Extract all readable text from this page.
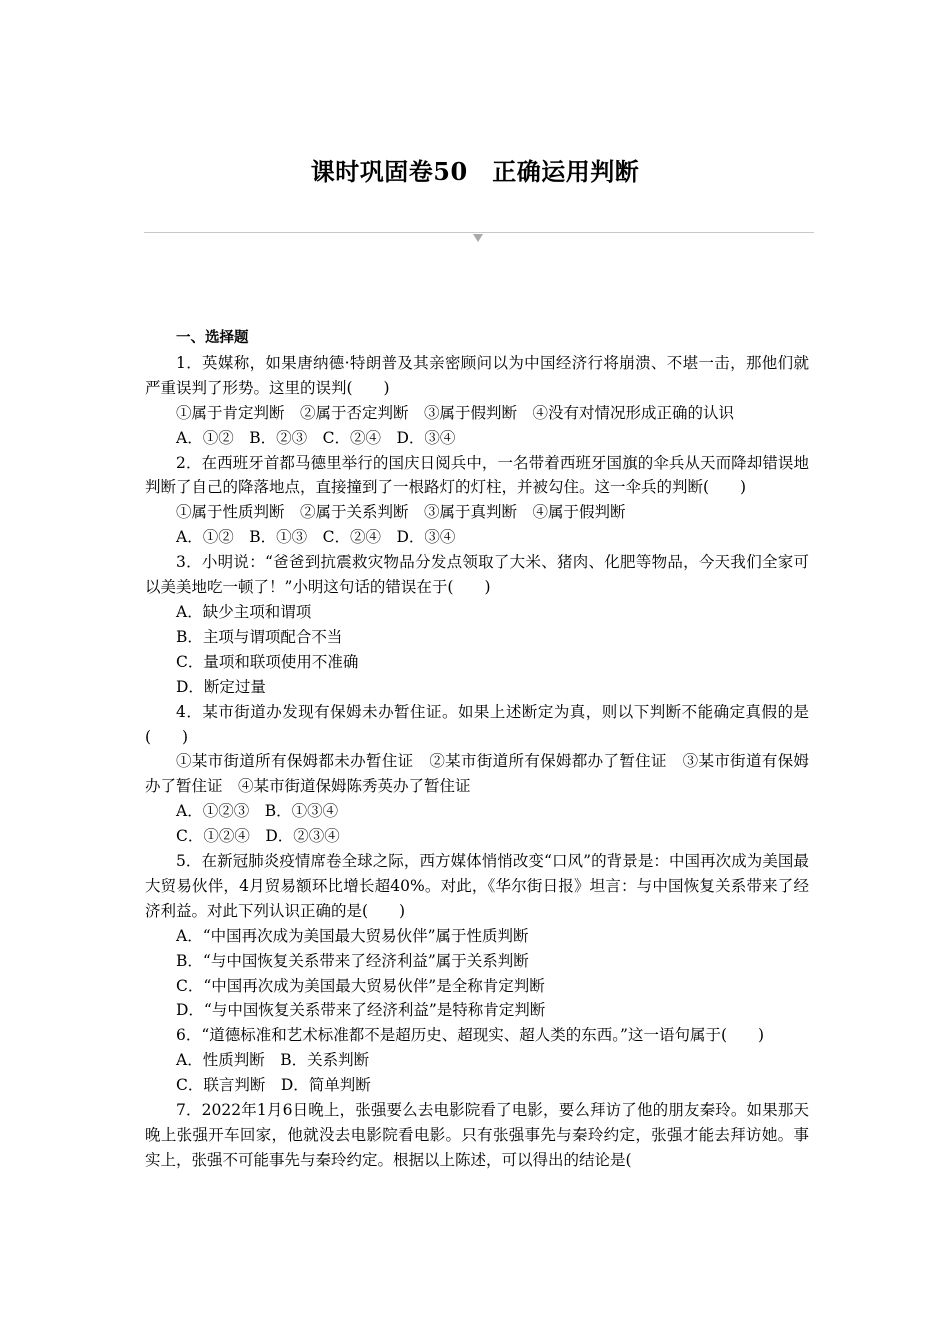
课时巩固卷50　正确运用判断

一、选择题

1．英媒称，如果唐纳德·特朗普及其亲密顾问以为中国经济行将崩溃、不堪一击，那他们就严重误判了形势。这里的误判(　　)

①属于肯定判断　②属于否定判断　③属于假判断　④没有对情况形成正确的认识

A．①②　B．②③　C．②④　D．③④

2．在西班牙首都马德里举行的国庆日阅兵中，一名带着西班牙国旗的伞兵从天而降却错误地判断了自己的降落地点，直接撞到了一根路灯的灯柱，并被勾住。这一伞兵的判断(　　)

①属于性质判断　②属于关系判断　③属于真判断　④属于假判断

A．①②　B．①③　C．②④　D．③④

3．小明说：“爸爸到抗震救灾物品分发点领取了大米、猪肉、化肥等物品，今天我们全家可以美美地吃一顿了！”小明这句话的错误在于(　　)

A．缺少主项和谓项

B．主项与谓项配合不当

C．量项和联项使用不准确

D．断定过量

4．某市街道办发现有保姆未办暂住证。如果上述断定为真，则以下判断不能确定真假的是(　　)

①某市街道所有保姆都未办暂住证　②某市街道所有保姆都办了暂住证　③某市街道有保姆办了暂住证　④某市街道保姆陈秀英办了暂住证

A．①②③　B．①③④

C．①②④　D．②③④

5．在新冠肺炎疫情席卷全球之际，西方媒体悄悄改变“口风”的背景是：中国再次成为美国最大贸易伙伴，4月贸易额环比增长超40%。对此，《华尔街日报》坦言：与中国恢复关系带来了经济利益。对此下列认识正确的是(　　)

A．“中国再次成为美国最大贸易伙伴”属于性质判断

B．“与中国恢复关系带来了经济利益”属于关系判断

C．“中国再次成为美国最大贸易伙伴”是全称肯定判断

D．“与中国恢复关系带来了经济利益”是特称肯定判断

6．“道德标准和艺术标准都不是超历史、超现实、超人类的东西。”这一语句属于(　　)

A．性质判断　B．关系判断

C．联言判断　D．简单判断

7．2022年1月6日晚上，张强要么去电影院看了电影，要么拜访了他的朋友秦玲。如果那天晚上张强开车回家，他就没去电影院看电影。只有张强事先与秦玲约定，张强才能去拜访她。事实上，张强不可能事先与秦玲约定。根据以上陈述，可以得出的结论是(
